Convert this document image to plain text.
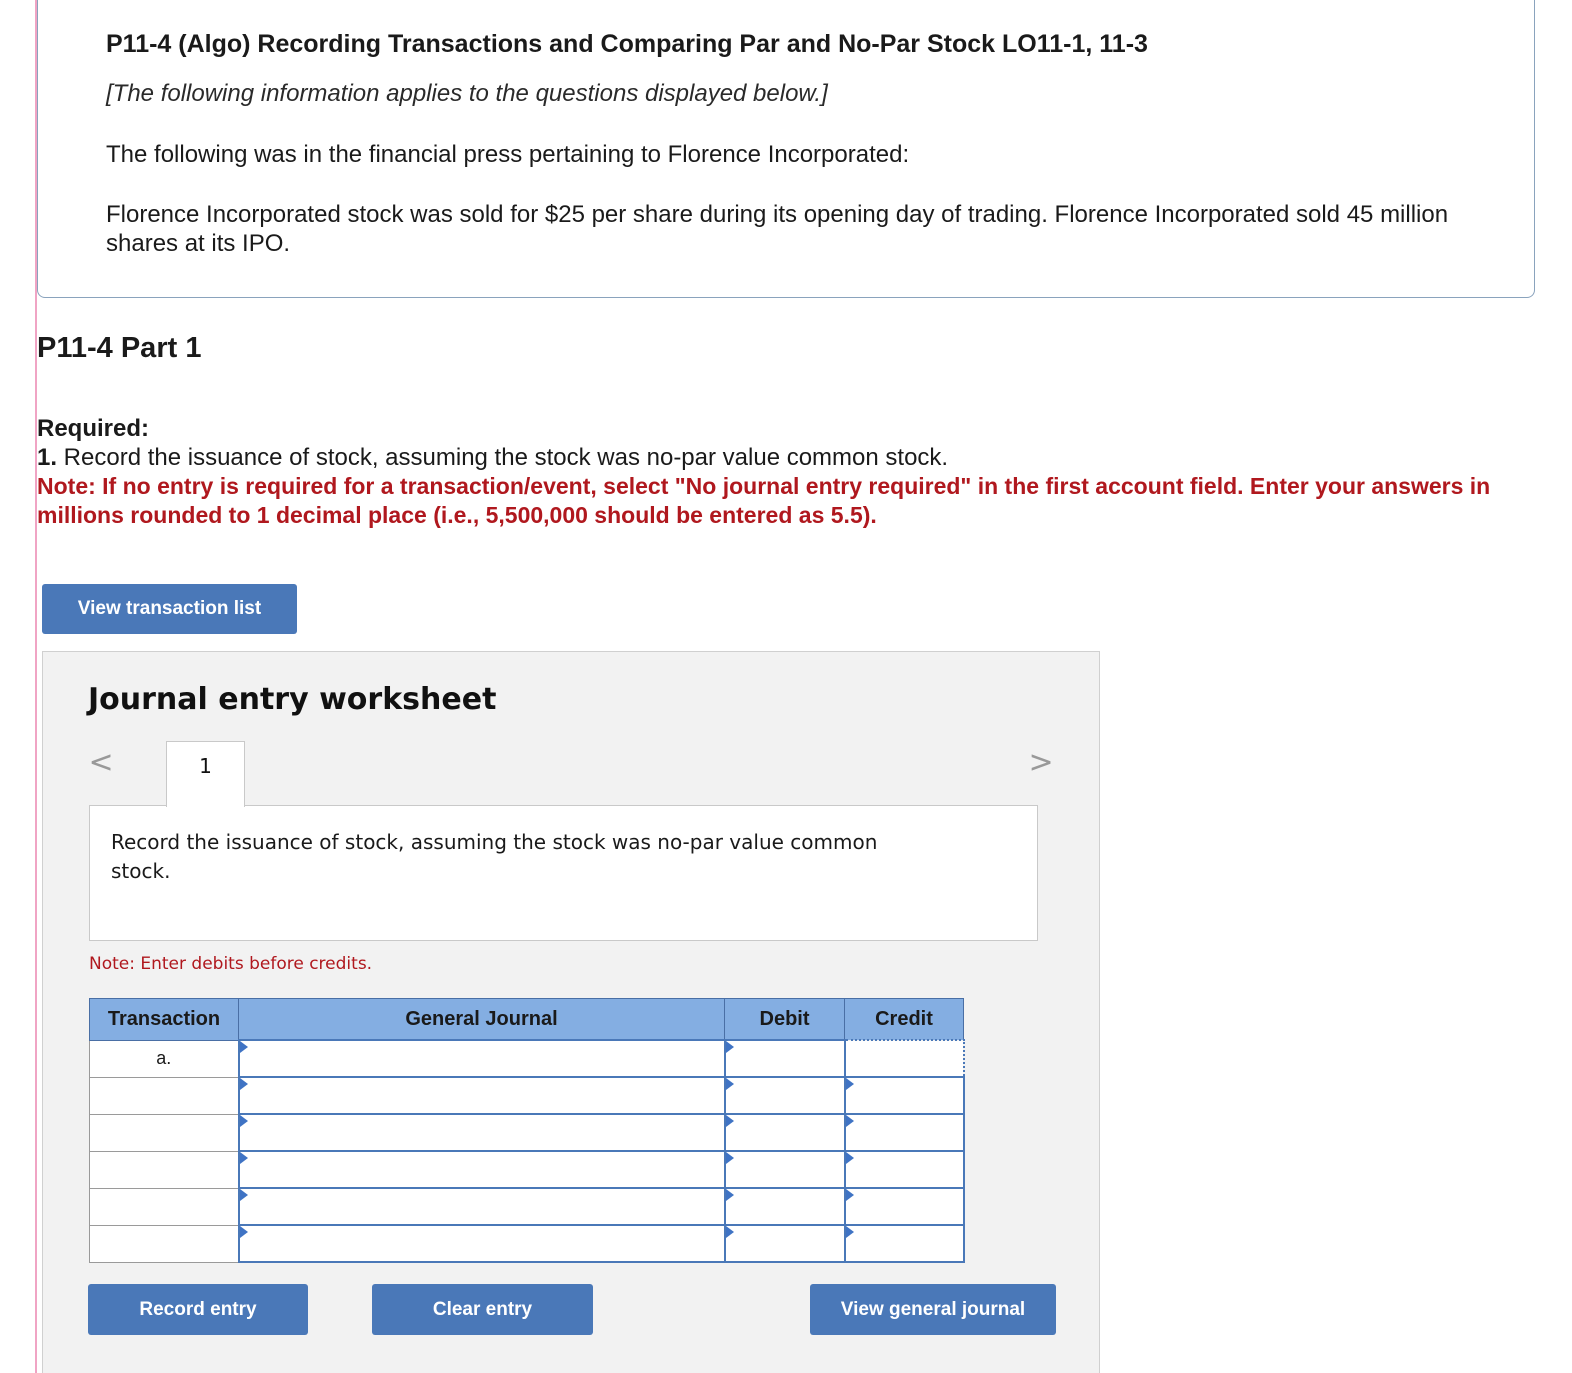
P11-4 (Algo) Recording Transactions and Comparing Par and No-Par Stock LO11-1, 11-3

[The following information applies to the questions displayed below.]

The following was in the financial press pertaining to Florence Incorporated:

Florence Incorporated stock was sold for $25 per share during its opening day of trading. Florence Incorporated sold 45 million shares at its IPO.

P11-4 Part 1
Required:
1. Record the issuance of stock, assuming the stock was no-par value common stock.
Note: If no entry is required for a transaction/event, select "No journal entry required" in the first account field. Enter your answers in millions rounded to 1 decimal place (i.e., 5,500,000 should be entered as 5.5).
View transaction list
Journal entry worksheet
<	1	>

Record the issuance of stock, assuming the stock was no-par value common stock.

Note: Enter debits before credits.

Transaction	General Journal	Debit	Credit

a.

Record entry	Clear entry	View general journal
